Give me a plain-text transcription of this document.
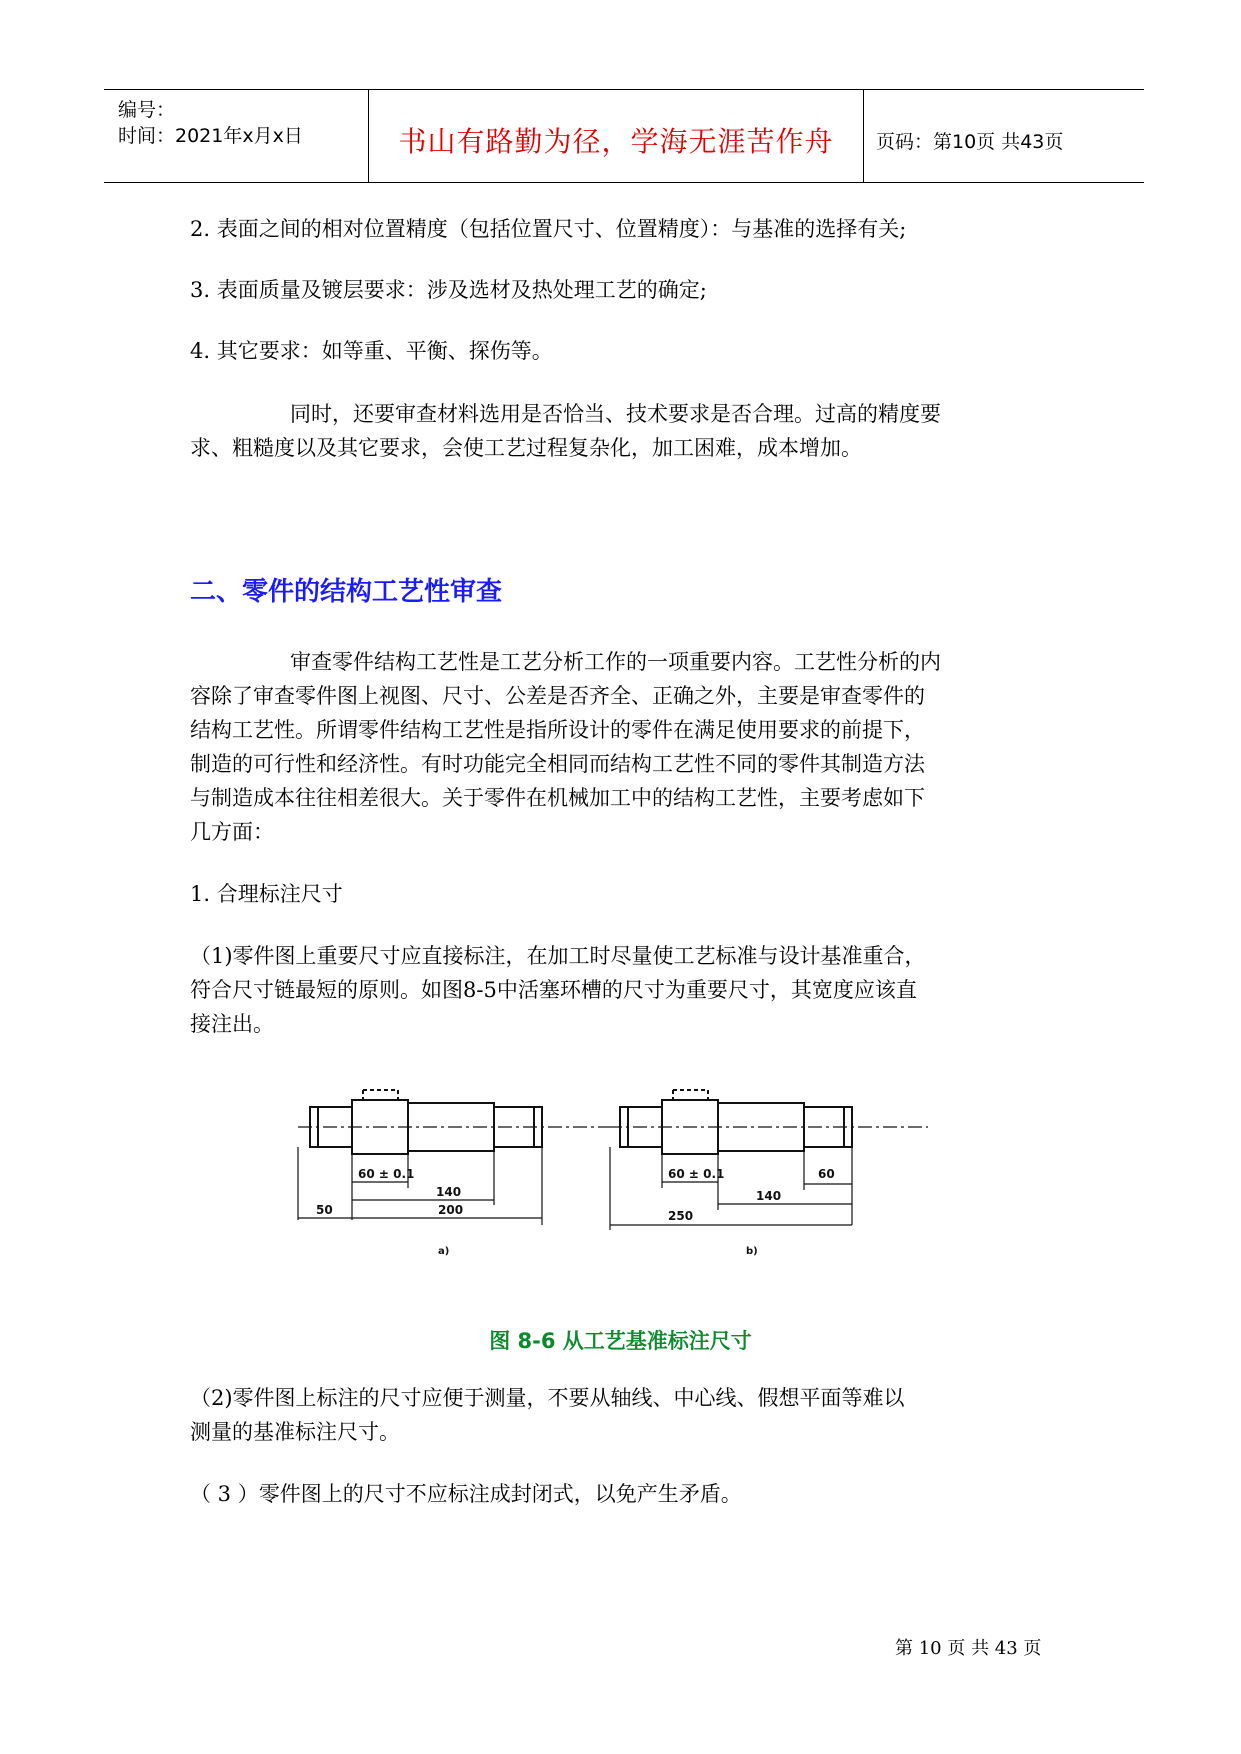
编号：
时间：2021年x月x日	书山有路勤为径，学海无涯苦作舟	页码：第10页 共43页
2. 表面之间的相对位置精度（包括位置尺寸、位置精度）：与基准的选择有关;
3. 表面质量及镀层要求：涉及选材及热处理工艺的确定;
4. 其它要求：如等重、平衡、探伤等。
同时，还要审查材料选用是否恰当、技术要求是否合理。过高的精度要
求、粗糙度以及其它要求，会使工艺过程复杂化，加工困难，成本增加。
二、零件的结构工艺性审查
审查零件结构工艺性是工艺分析工作的一项重要内容。工艺性分析的内
容除了审查零件图上视图、尺寸、公差是否齐全、正确之外，主要是审查零件的
结构工艺性。所谓零件结构工艺性是指所设计的零件在满足使用要求的前提下，
制造的可行性和经济性。有时功能完全相同而结构工艺性不同的零件其制造方法
与制造成本往往相差很大。关于零件在机械加工中的结构工艺性，主要考虑如下
几方面：
1. 合理标注尺寸
（1)零件图上重要尺寸应直接标注，在加工时尽量使工艺标准与设计基准重合，
符合尺寸链最短的原则。如图8-5中活塞环槽的尺寸为重要尺寸，其宽度应该直
接注出。
60 ± 0.1
140
50	200
a)
60 ± 0.1	60
140
250
b)
图 8-6 从工艺基准标注尺寸
（2)零件图上标注的尺寸应便于测量，不要从轴线、中心线、假想平面等难以
测量的基准标注尺寸。
（ 3 ）零件图上的尺寸不应标注成封闭式，以免产生矛盾。
第 10 页 共 43 页
